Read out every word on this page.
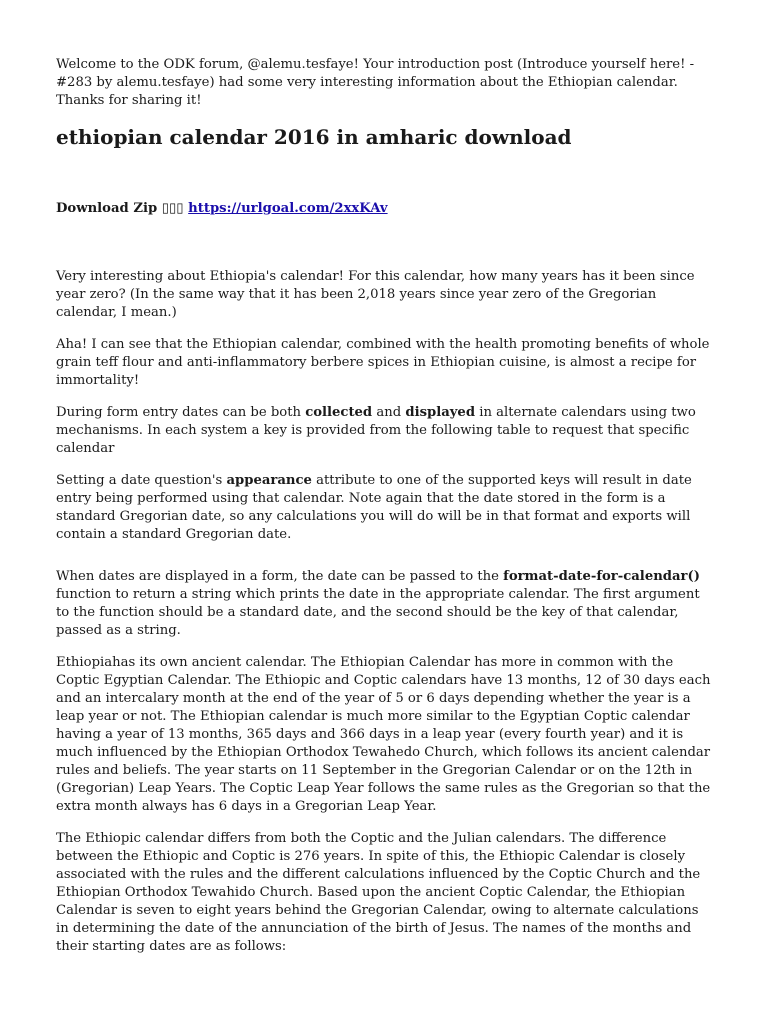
Welcome to the ODK forum, @alemu.tesfaye! Your introduction post (Introduce yourself here! - #283 by alemu.tesfaye) had some very interesting information about the Ethiopian calendar. Thanks for sharing it!

ethiopian calendar 2016 in amharic download
Download Zip ▯▯▯ https://urlgoal.com/2xxKAv

Very interesting about Ethiopia's calendar! For this calendar, how many years has it been since year zero? (In the same way that it has been 2,018 years since year zero of the Gregorian calendar, I mean.)

Aha! I can see that the Ethiopian calendar, combined with the health promoting benefits of whole grain teff flour and anti-inflammatory berbere spices in Ethiopian cuisine, is almost a recipe for immortality!

During form entry dates can be both collected and displayed in alternate calendars using two mechanisms. In each system a key is provided from the following table to request that specific calendar

Setting a date question's appearance attribute to one of the supported keys will result in date entry being performed using that calendar. Note again that the date stored in the form is a standard Gregorian date, so any calculations you will do will be in that format and exports will contain a standard Gregorian date.

When dates are displayed in a form, the date can be passed to the format-date-for-calendar() function to return a string which prints the date in the appropriate calendar. The first argument to the function should be a standard date, and the second should be the key of that calendar, passed as a string.

Ethiopiahas its own ancient calendar. The Ethiopian Calendar has more in common with the Coptic Egyptian Calendar. The Ethiopic and Coptic calendars have 13 months, 12 of 30 days each and an intercalary month at the end of the year of 5 or 6 days depending whether the year is a leap year or not. The Ethiopian calendar is much more similar to the Egyptian Coptic calendar having a year of 13 months, 365 days and 366 days in a leap year (every fourth year) and it is much influenced by the Ethiopian Orthodox Tewahedo Church, which follows its ancient calendar rules and beliefs. The year starts on 11 September in the Gregorian Calendar or on the 12th in (Gregorian) Leap Years. The Coptic Leap Year follows the same rules as the Gregorian so that the extra month always has 6 days in a Gregorian Leap Year.

The Ethiopic calendar differs from both the Coptic and the Julian calendars. The difference between the Ethiopic and Coptic is 276 years. In spite of this, the Ethiopic Calendar is closely associated with the rules and the different calculations influenced by the Coptic Church and the Ethiopian Orthodox Tewahido Church. Based upon the ancient Coptic Calendar, the Ethiopian Calendar is seven to eight years behind the Gregorian Calendar, owing to alternate calculations in determining the date of the annunciation of the birth of Jesus. The names of the months and their starting dates are as follows:
